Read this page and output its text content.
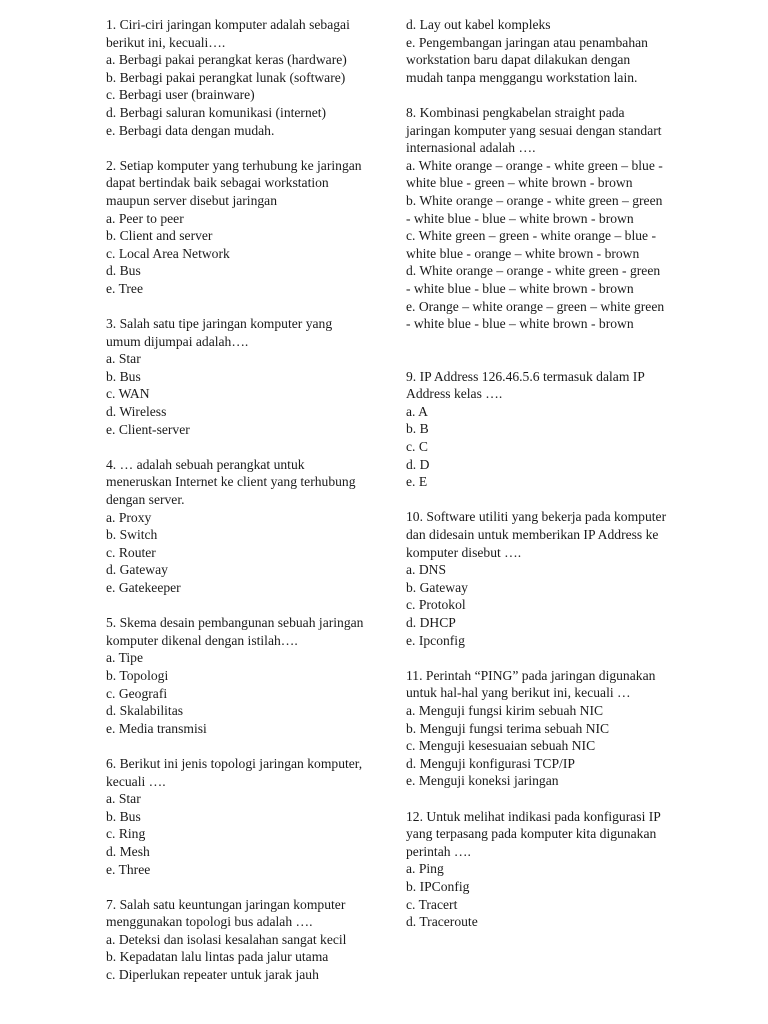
1. Ciri-ciri jaringan komputer adalah sebagai berikut ini, kecuali….

a. Berbagi pakai perangkat keras (hardware)

b. Berbagi pakai perangkat lunak (software)

c. Berbagi user (brainware)

d. Berbagi saluran komunikasi (internet)

e. Berbagi data dengan mudah.

2. Setiap komputer yang terhubung ke jaringan dapat bertindak baik sebagai workstation maupun server disebut jaringan

a. Peer to peer

b. Client and server

c. Local Area Network

d. Bus

e. Tree

3. Salah satu tipe jaringan komputer yang umum dijumpai adalah….

a. Star

b. Bus

c. WAN

d. Wireless

e. Client-server

4. … adalah sebuah perangkat untuk meneruskan Internet ke client yang terhubung dengan server.

a. Proxy

b. Switch

c. Router

d. Gateway

e. Gatekeeper

5. Skema desain pembangunan sebuah jaringan komputer dikenal dengan istilah….

a. Tipe

b. Topologi

c. Geografi

d. Skalabilitas

e. Media transmisi

6. Berikut ini jenis topologi jaringan komputer, kecuali ….

a. Star

b. Bus

c. Ring

d. Mesh

e. Three

7. Salah satu keuntungan jaringan komputer menggunakan topologi bus adalah ….

a. Deteksi dan isolasi kesalahan sangat kecil

b. Kepadatan lalu lintas pada jalur utama

c. Diperlukan repeater untuk jarak jauh

d. Lay out kabel kompleks

e. Pengembangan jaringan atau penambahan workstation baru dapat dilakukan dengan mudah tanpa menggangu workstation lain.

8. Kombinasi pengkabelan straight pada jaringan komputer yang sesuai dengan standart internasional adalah ….

a. White orange – orange - white green – blue - white blue - green – white brown - brown

b. White orange – orange - white green – green - white blue - blue – white brown - brown

c. White green – green - white orange – blue - white blue - orange – white brown - brown

d. White orange – orange - white green - green - white blue - blue – white brown - brown

e. Orange – white orange – green – white green - white blue - blue – white brown - brown

9. IP Address 126.46.5.6 termasuk dalam IP Address kelas ….

a. A

b. B

c. C

d. D

e. E

10. Software utiliti yang bekerja pada komputer dan didesain untuk memberikan IP Address ke komputer disebut ….

a. DNS

b. Gateway

c. Protokol

d. DHCP

e. Ipconfig

11. Perintah “PING” pada jaringan digunakan untuk hal-hal yang berikut ini, kecuali …

a. Menguji fungsi kirim sebuah NIC

b. Menguji fungsi terima sebuah NIC

c. Menguji kesesuaian sebuah NIC

d. Menguji konfigurasi TCP/IP

e. Menguji koneksi jaringan

12. Untuk melihat indikasi pada konfigurasi IP yang terpasang pada komputer kita digunakan perintah ….

a. Ping

b. IPConfig

c. Tracert

d. Traceroute
